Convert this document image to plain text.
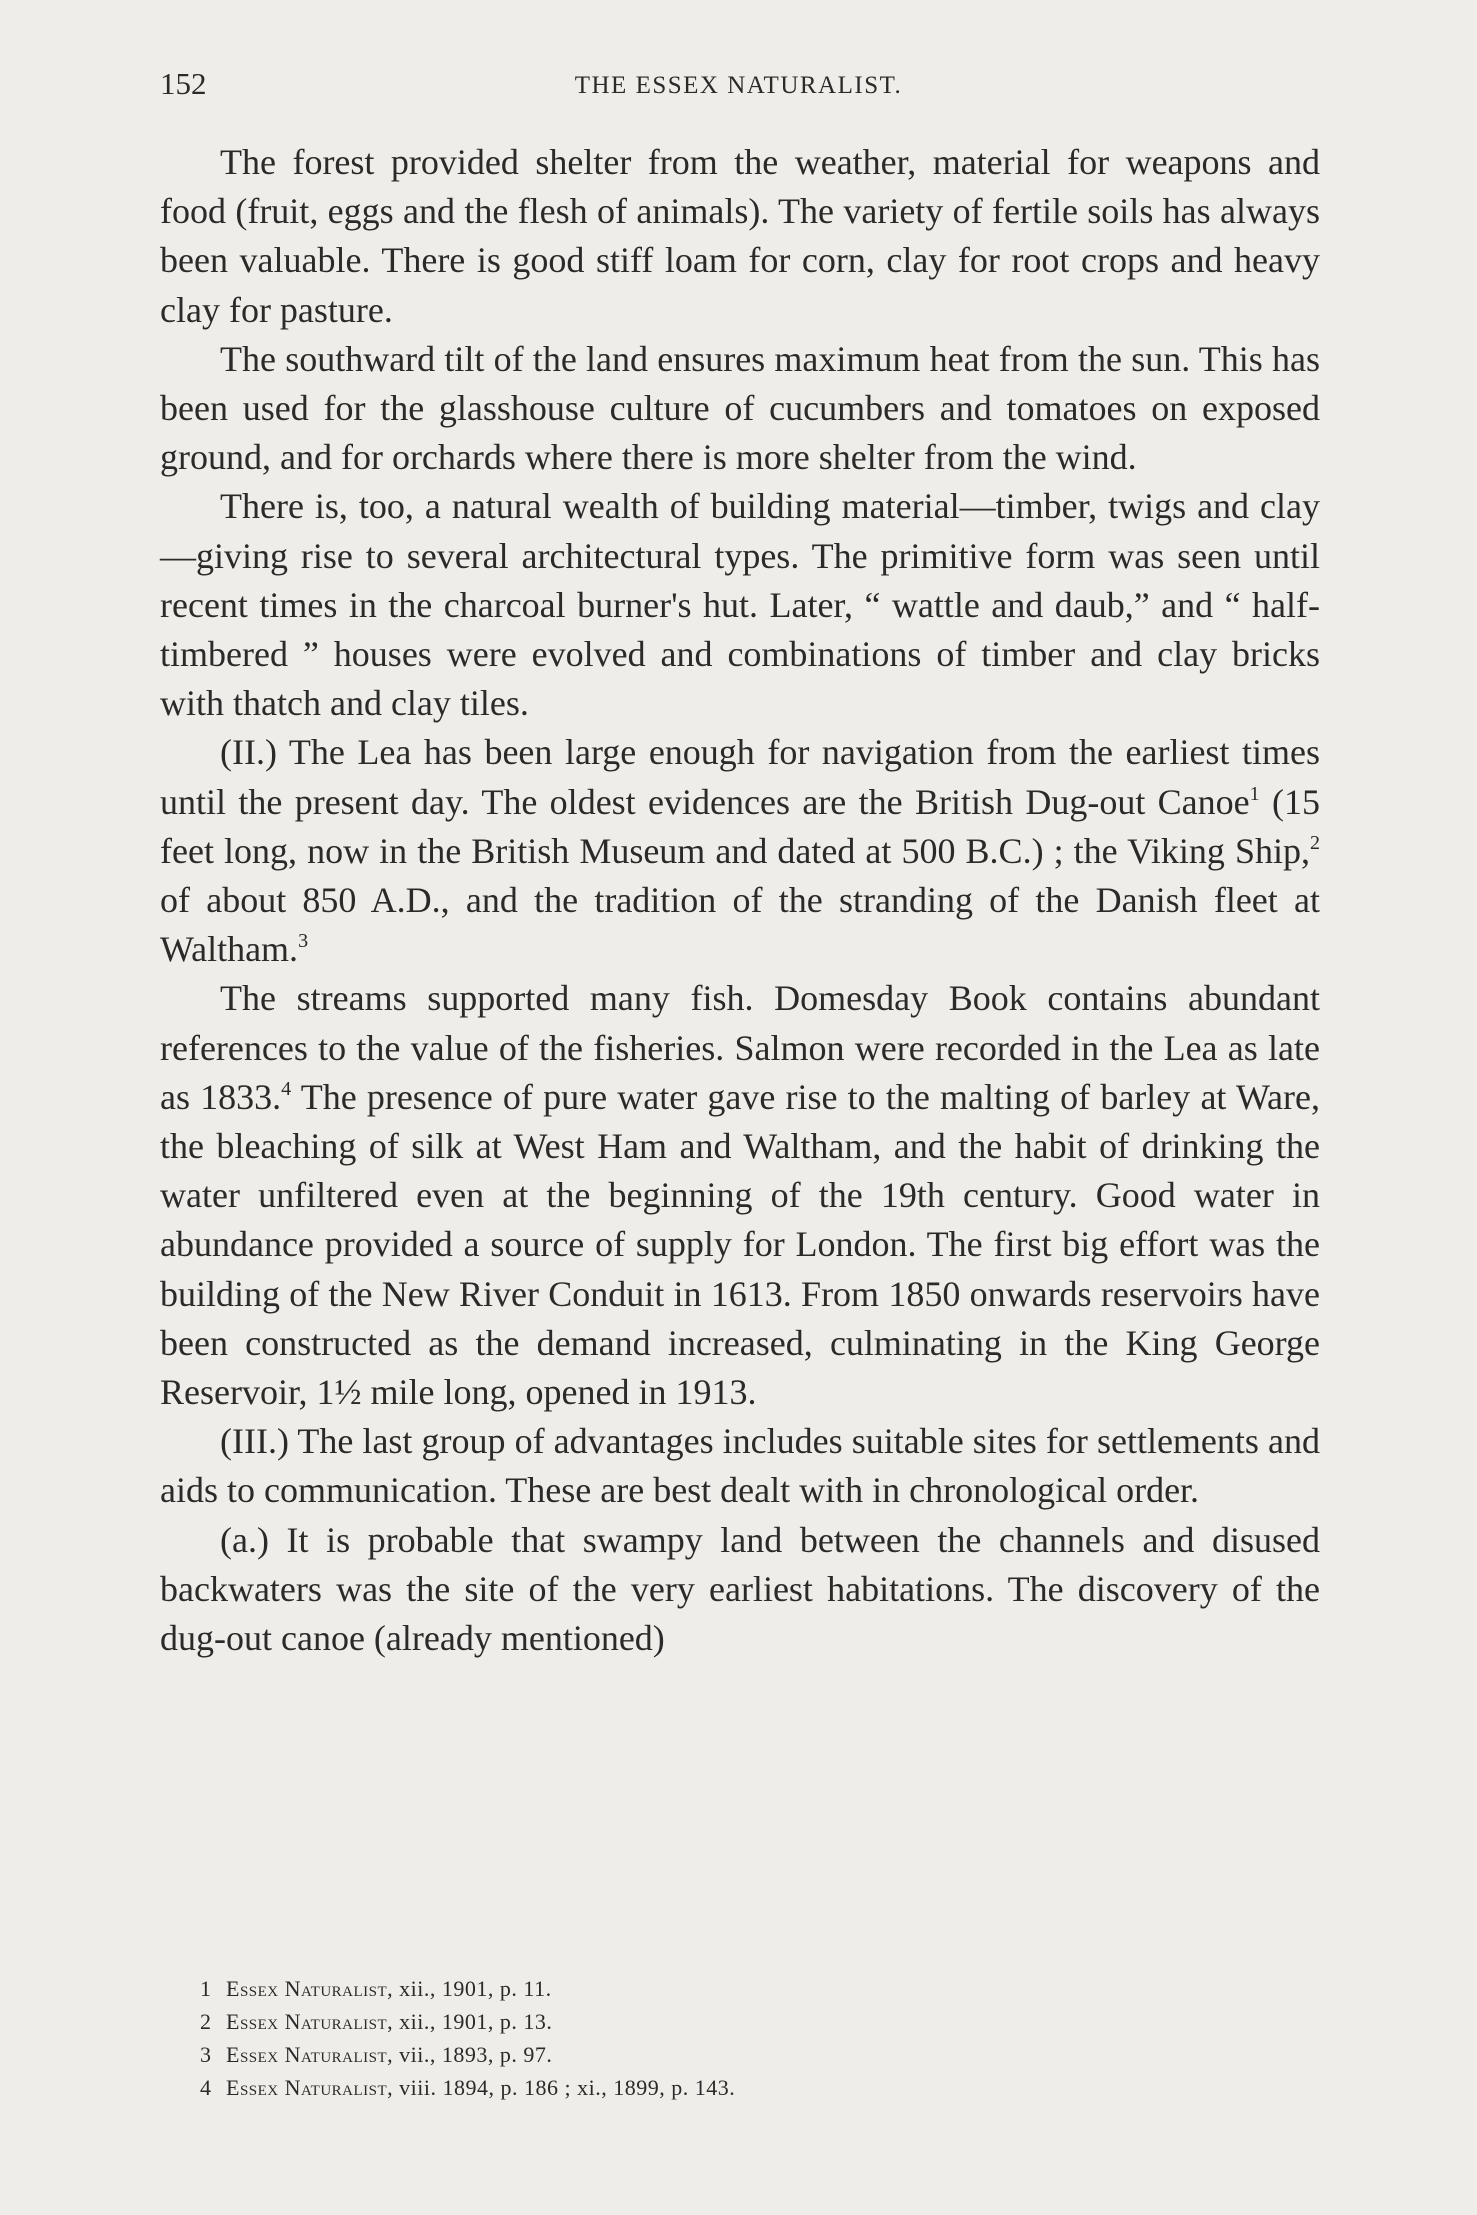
152	THE ESSEX NATURALIST.

The forest provided shelter from the weather, material for weapons and food (fruit, eggs and the flesh of animals). The variety of fertile soils has always been valuable. There is good stiff loam for corn, clay for root crops and heavy clay for pasture.

The southward tilt of the land ensures maximum heat from the sun. This has been used for the glasshouse culture of cucumbers and tomatoes on exposed ground, and for orchards where there is more shelter from the wind.

There is, too, a natural wealth of building material—timber, twigs and clay—giving rise to several architectural types. The primitive form was seen until recent times in the charcoal burner's hut. Later, “ wattle and daub,” and “ half-timbered ” houses were evolved and combinations of timber and clay bricks with thatch and clay tiles.

(II.) The Lea has been large enough for navigation from the earliest times until the present day. The oldest evidences are the British Dug-out Canoe$^1$ (15 feet long, now in the British Museum and dated at 500 B.C.) ; the Viking Ship,$^2$ of about 850 A.D., and the tradition of the stranding of the Danish fleet at Waltham.$^3$

The streams supported many fish. Domesday Book contains abundant references to the value of the fisheries. Salmon were recorded in the Lea as late as 1833.$^4$ The presence of pure water gave rise to the malting of barley at Ware, the bleaching of silk at West Ham and Waltham, and the habit of drinking the water unfiltered even at the beginning of the 19th century. Good water in abundance provided a source of supply for London. The first big effort was the building of the New River Conduit in 1613. From 1850 onwards reservoirs have been constructed as the demand increased, culminating in the King George Reservoir, 1½ mile long, opened in 1913.

(III.) The last group of advantages includes suitable sites for settlements and aids to communication. These are best dealt with in chronological order.

(a.) It is probable that swampy land between the channels and disused backwaters was the site of the very earliest habitations. The discovery of the dug-out canoe (already mentioned)

1 Essex Naturalist, xii., 1901, p. 11.
2 Essex Naturalist, xii., 1901, p. 13.
3 Essex Naturalist, vii., 1893, p. 97.
4 Essex Naturalist, viii. 1894, p. 186 ; xi., 1899, p. 143.
